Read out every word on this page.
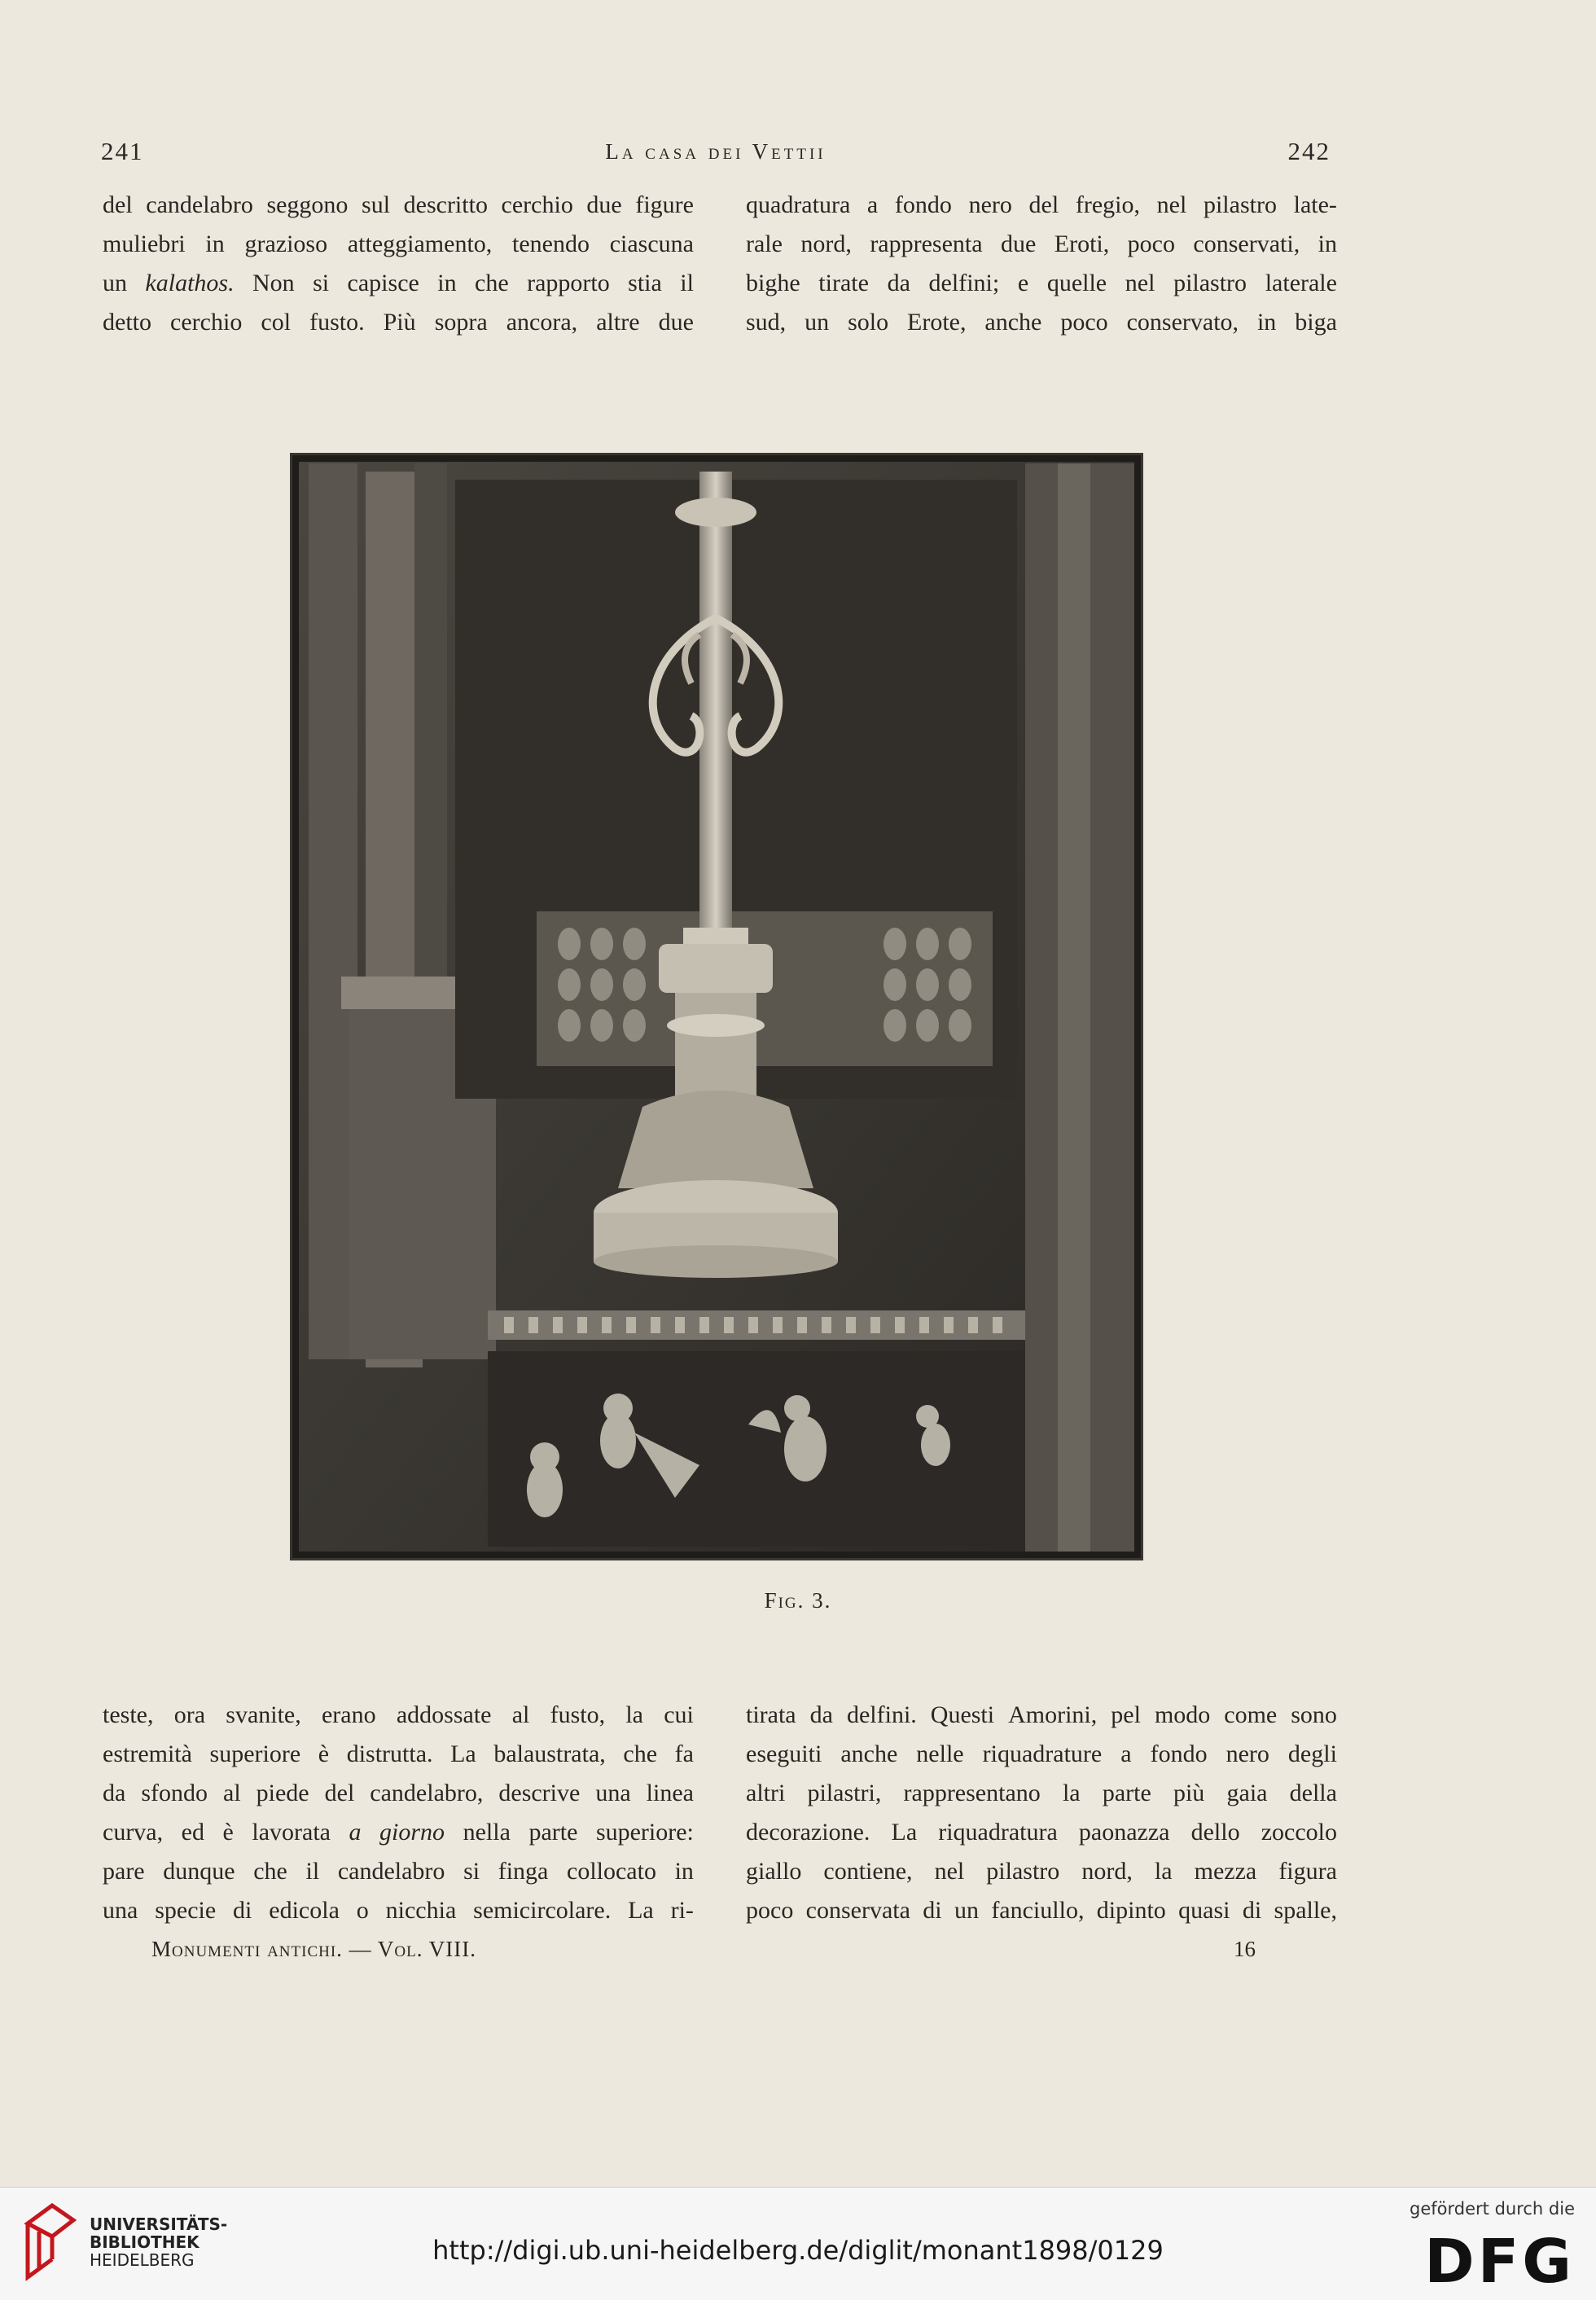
241	La casa dei Vettii	242

del candelabro seggono sul descritto cerchio due figure

muliebri in grazioso atteggiamento, tenendo ciascuna

un kalathos. Non si capisce in che rapporto stia il

detto cerchio col fusto. Più sopra ancora, altre due

quadratura a fondo nero del fregio, nel pilastro late-

rale nord, rappresenta due Eroti, poco conservati, in

bighe tirate da delfini; e quelle nel pilastro laterale

sud, un solo Erote, anche poco conservato, in biga

Fig. 3.

teste, ora svanite, erano addossate al fusto, la cui

estremità superiore è distrutta. La balaustrata, che fa

da sfondo al piede del candelabro, descrive una linea

curva, ed è lavorata a giorno nella parte superiore:

pare dunque che il candelabro si finga collocato in

una specie di edicola o nicchia semicircolare. La ri-

tirata da delfini. Questi Amorini, pel modo come sono

eseguiti anche nelle riquadrature a fondo nero degli

altri pilastri, rappresentano la parte più gaia della

decorazione. La riquadratura paonazza dello zoccolo

giallo contiene, nel pilastro nord, la mezza figura

poco conservata di un fanciullo, dipinto quasi di spalle,

Monumenti antichi. — Vol. VIII.	16
UNIVERSITÄTS-
BIBLIOTHEK
HEIDELBERG	http://digi.ub.uni-heidelberg.de/diglit/monant1898/0129
gefördert durch die
DFG
